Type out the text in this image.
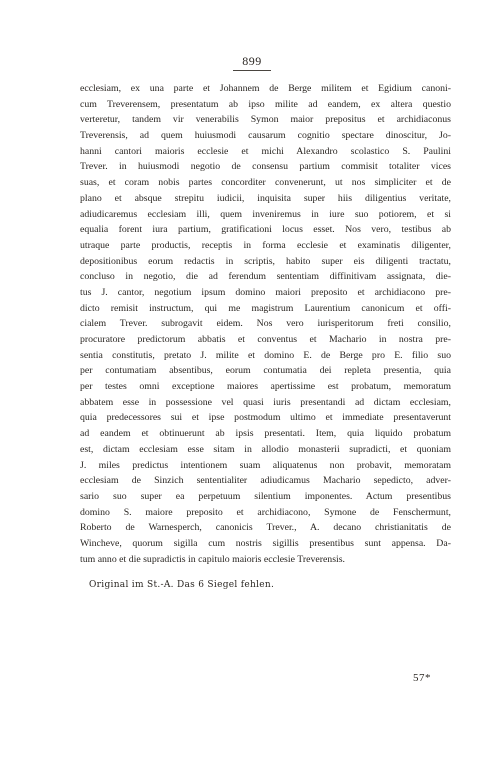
899
ecclesiam, ex una parte et Johannem de Berge militem et Egidium canoni-
cum Treverensem, presentatum ab ipso milite ad eandem, ex altera questio
verteretur, tandem vir venerabilis Symon maior prepositus et archidiaconus
Treverensis, ad quem huiusmodi causarum cognitio spectare dinoscitur, Jo-
hanni cantori maioris ecclesie et michi Alexandro scolastico S. Paulini
Trever. in huiusmodi negotio de consensu partium commisit totaliter vices
suas, et coram nobis partes concorditer convenerunt, ut nos simpliciter et de
plano et absque strepitu iudicii, inquisita super hiis diligentius veritate,
adiudicaremus ecclesiam illi, quem inveniremus in iure suo potiorem, et si
equalia forent iura partium, gratificationi locus esset. Nos vero, testibus ab
utraque parte productis, receptis in forma ecclesie et examinatis diligenter,
depositionibus eorum redactis in scriptis, habito super eis diligenti tractatu,
concluso in negotio, die ad ferendum sententiam diffinitivam assignata, die-
tus J. cantor, negotium ipsum domino maiori preposito et archidiacono pre-
dicto remisit instructum, qui me magistrum Laurentium canonicum et offi-
cialem Trever. subrogavit eidem. Nos vero iurisperitorum freti consilio,
procuratore predictorum abbatis et conventus et Machario in nostra pre-
sentia constitutis, pretato J. milite et domino E. de Berge pro E. filio suo
per contumatiam absentibus, eorum contumatia dei repleta presentia, quia
per testes omni exceptione maiores apertissime est probatum, memoratum
abbatem esse in possessione vel quasi iuris presentandi ad dictam ecclesiam,
quia predecessores sui et ipse postmodum ultimo et immediate presentaverunt
ad eandem et obtinuerunt ab ipsis presentati. Item, quia liquido probatum
est, dictam ecclesiam esse sitam in allodio monasterii supradicti, et quoniam
J. miles predictus intentionem suam aliquatenus non probavit, memoratam
ecclesiam de Sinzich sententialiter adiudicamus Machario sepedicto, adver-
sario suo super ea perpetuum silentium imponentes. Actum presentibus
domino S. maiore preposito et archidiacono, Symone de Fenschermunt,
Roberto de Warnesperch, canonicis Trever., A. decano christianitatis de
Wincheve, quorum sigilla cum nostris sigillis presentibus sunt appensa. Da-
tum anno et die supradictis in capitulo maioris ecclesie Treverensis.
Original im St.-A. Das 6 Siegel fehlen.
57*
